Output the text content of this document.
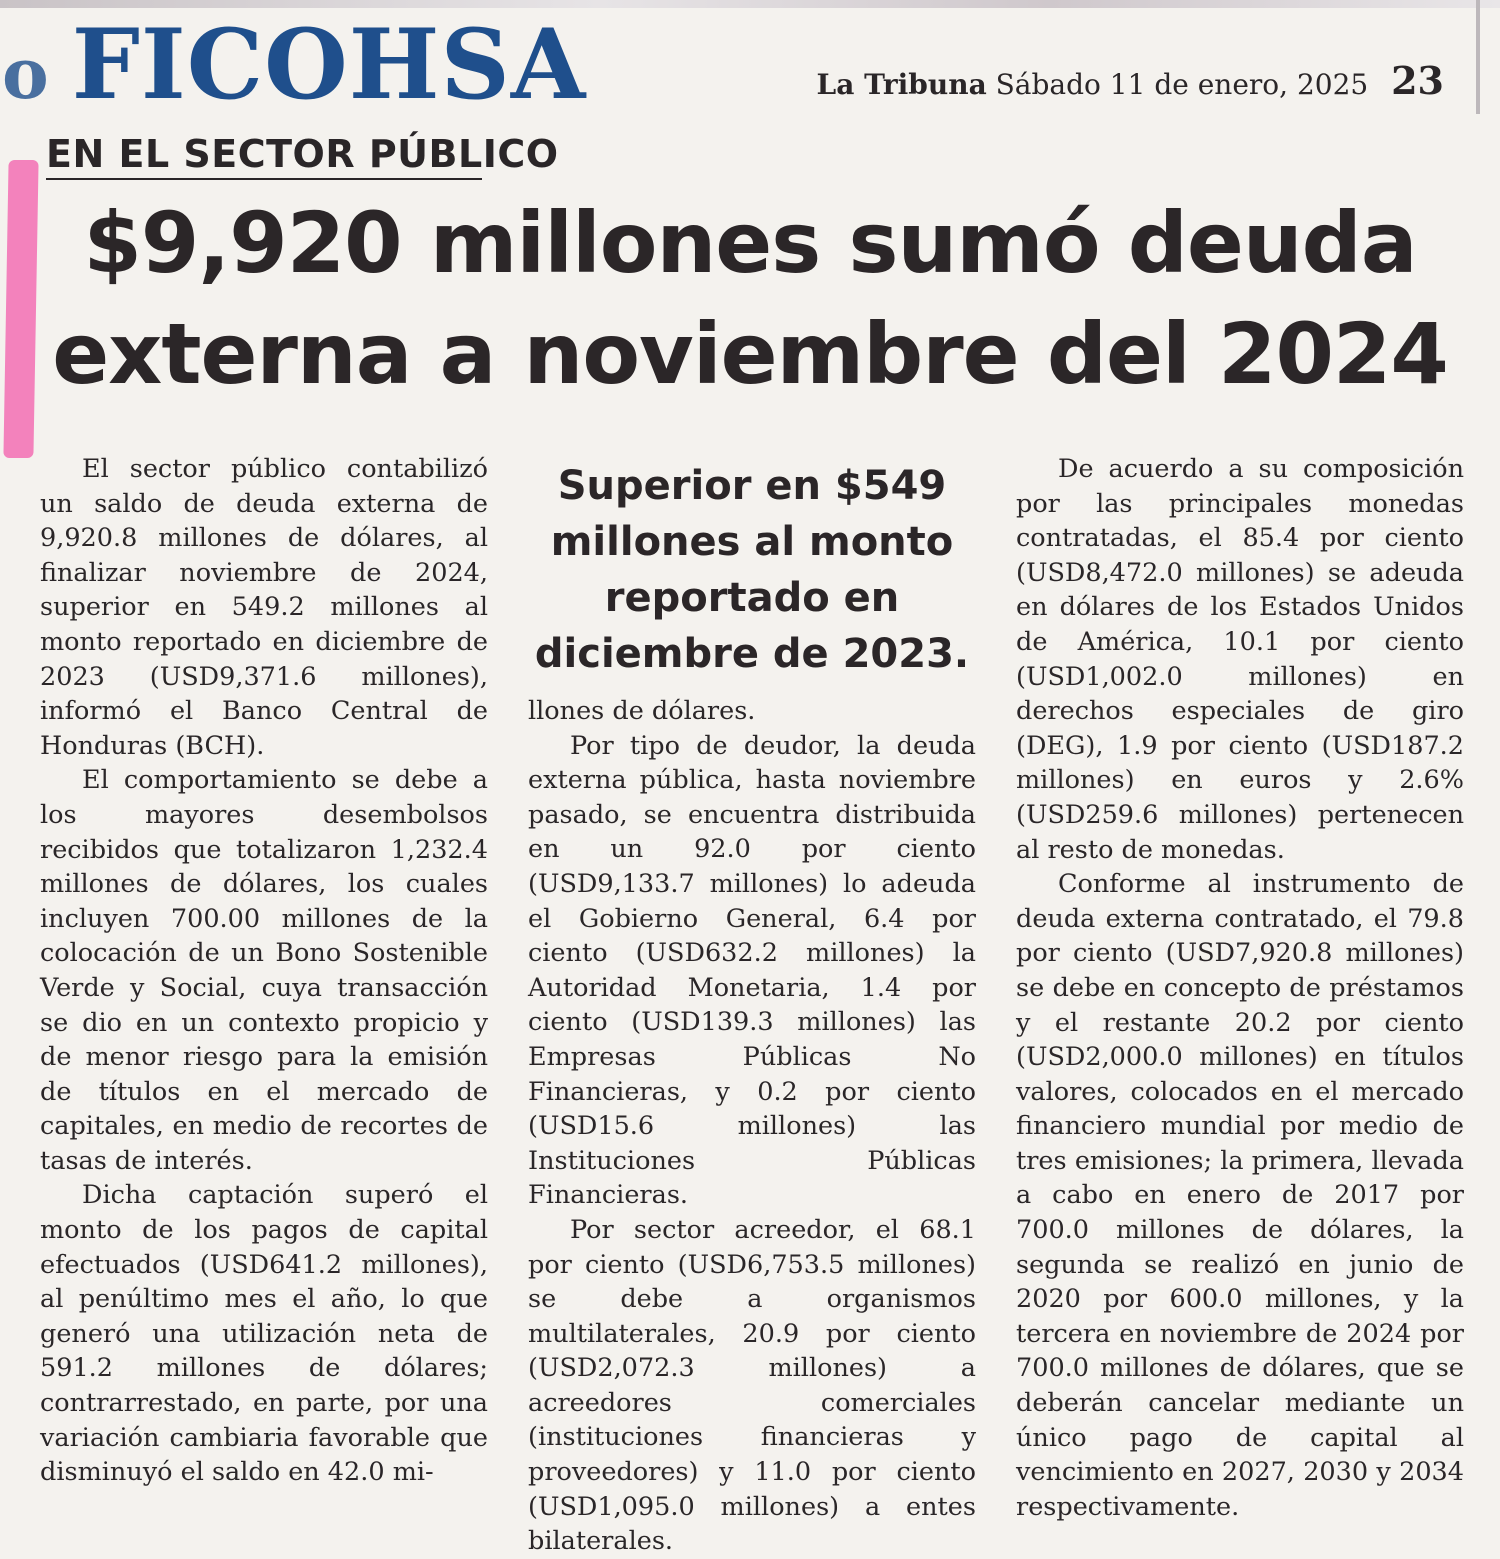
o FICOHSA	La Tribuna Sábado 11 de enero, 2025 23
EN EL SECTOR PÚBLICO
$9,920 millones sumó deuda externa a noviembre del 2024

El sector público contabilizó un saldo de deuda externa de 9,920.8 millones de dólares, al finalizar noviembre de 2024, superior en 549.2 millones al monto reportado en diciembre de 2023 (USD9,371.6 millones), informó el Banco Central de Honduras (BCH).

El comportamiento se debe a los mayores desembolsos recibidos que totalizaron 1,232.4 millones de dólares, los cuales incluyen 700.00 millones de la colocación de un Bono Sostenible Verde y Social, cuya transacción se dio en un contexto propicio y de menor riesgo para la emisión de títulos en el mercado de capitales, en medio de recortes de tasas de interés.

Dicha captación superó el monto de los pagos de capital efectuados (USD641.2 millones), al penúltimo mes el año, lo que generó una utilización neta de 591.2 millones de dólares; contrarrestado, en parte, por una variación cambiaria favorable que disminuyó el saldo en 42.0 mi-

Superior en $549 millones al monto reportado en diciembre de 2023.

llones de dólares.

Por tipo de deudor, la deuda externa pública, hasta noviembre pasado, se encuentra distribuida en un 92.0 por ciento (USD9,133.7 millones) lo adeuda el Gobierno General, 6.4 por ciento (USD632.2 millones) la Autoridad Monetaria, 1.4 por ciento (USD139.3 millones) las Empresas Públicas No Financieras, y 0.2 por ciento (USD15.6 millones) las Instituciones Públicas Financieras.

Por sector acreedor, el 68.1 por ciento (USD6,753.5 millones) se debe a organismos multilaterales, 20.9 por ciento (USD2,072.3 millones) a acreedores comerciales (instituciones financieras y proveedores) y 11.0 por ciento (USD1,095.0 millones) a entes bilaterales.

De acuerdo a su composición por las principales monedas contratadas, el 85.4 por ciento (USD8,472.0 millones) se adeuda en dólares de los Estados Unidos de América, 10.1 por ciento (USD1,002.0 millones) en derechos especiales de giro (DEG), 1.9 por ciento (USD187.2 millones) en euros y 2.6% (USD259.6 millones) pertenecen al resto de monedas.

Conforme al instrumento de deuda externa contratado, el 79.8 por ciento (USD7,920.8 millones) se debe en concepto de préstamos y el restante 20.2 por ciento (USD2,000.0 millones) en títulos valores, colocados en el mercado financiero mundial por medio de tres emisiones; la primera, llevada a cabo en enero de 2017 por 700.0 millones de dólares, la segunda se realizó en junio de 2020 por 600.0 millones, y la tercera en noviembre de 2024 por 700.0 millones de dólares, que se deberán cancelar mediante un único pago de capital al vencimiento en 2027, 2030 y 2034 respectivamente.
